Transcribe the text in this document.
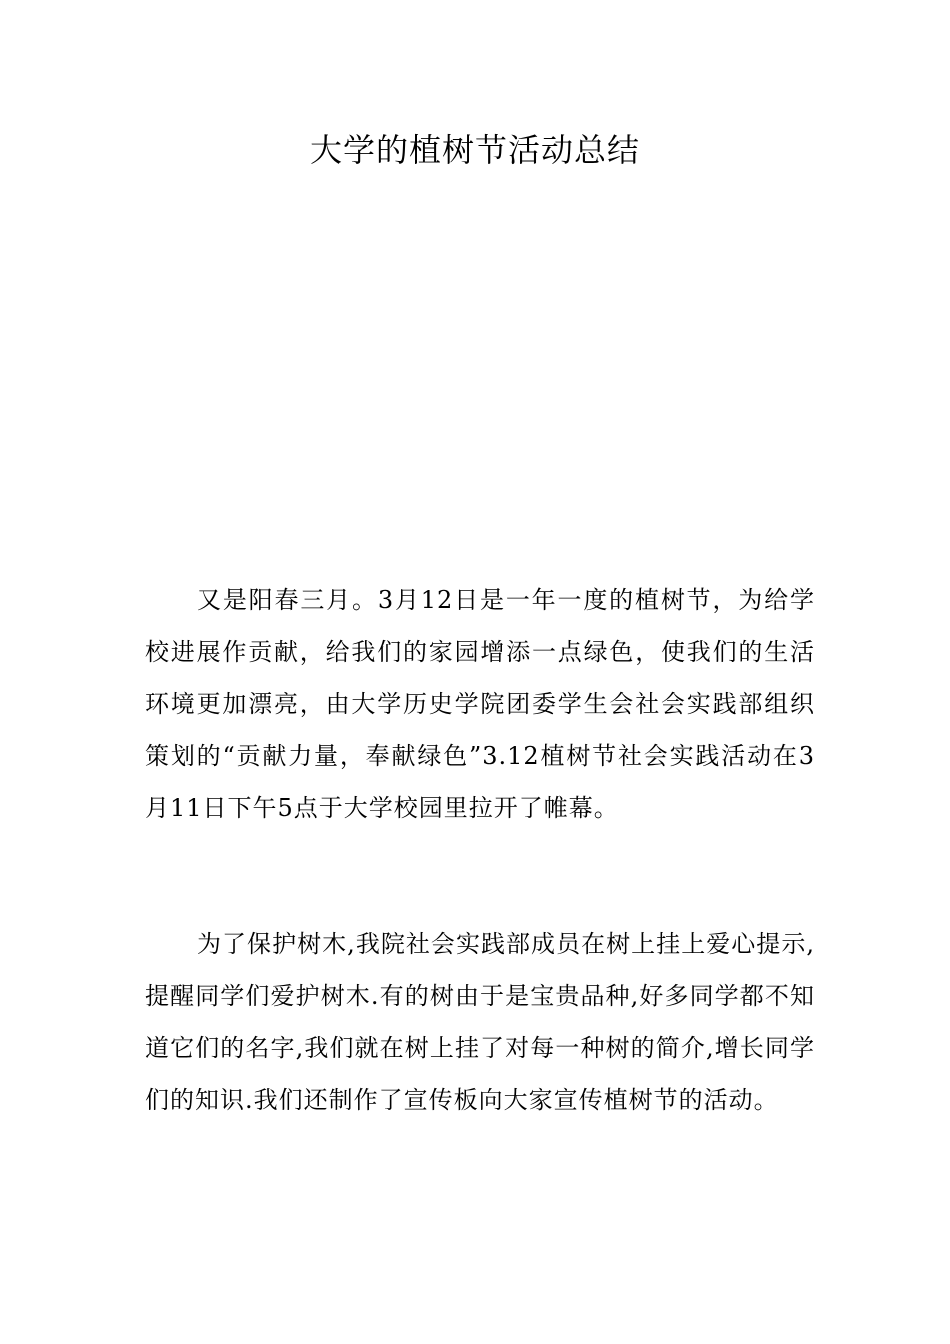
大学的植树节活动总结

又是阳春三月。3月12日是一年一度的植树节，为给学校进展作贡献，给我们的家园增添一点绿色，使我们的生活环境更加漂亮，由大学历史学院团委学生会社会实践部组织策划的“贡献力量，奉献绿色”3.12植树节社会实践活动在3月11日下午5点于大学校园里拉开了帷幕。

为了保护树木,我院社会实践部成员在树上挂上爱心提示,提醒同学们爱护树木.有的树由于是宝贵品种,好多同学都不知道它们的名字,我们就在树上挂了对每一种树的简介,增长同学们的知识.我们还制作了宣传板向大家宣传植树节的活动。
